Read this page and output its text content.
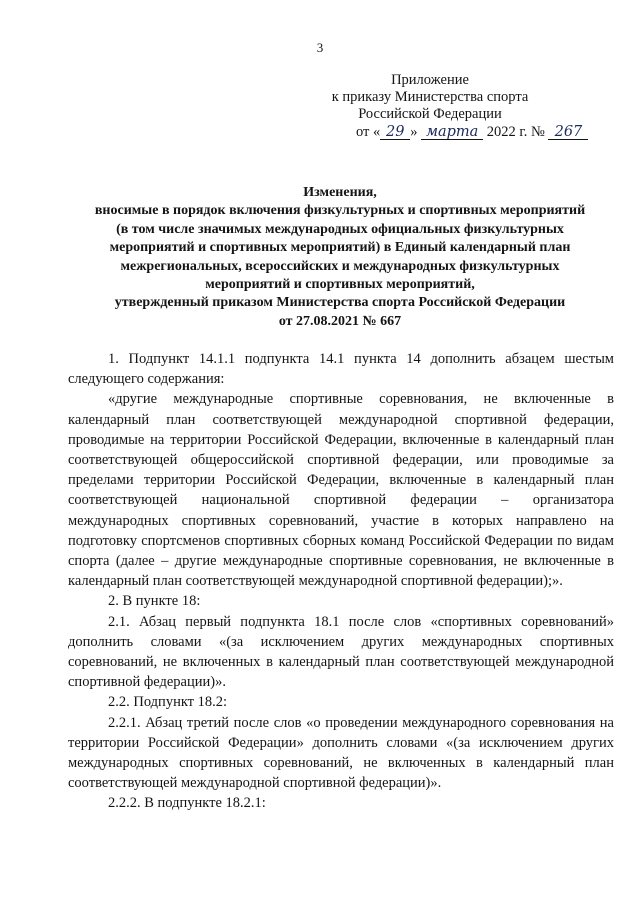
3
Приложение
к приказу Министерства спорта
Российской Федерации
от « 29 » марта 2022 г. № 267
Изменения,
вносимые в порядок включения физкультурных и спортивных мероприятий
(в том числе значимых международных официальных физкультурных
мероприятий и спортивных мероприятий) в Единый календарный план
межрегиональных, всероссийских и международных физкультурных
мероприятий и спортивных мероприятий,
утвержденный приказом Министерства спорта Российской Федерации
от 27.08.2021 № 667

1. Подпункт 14.1.1 подпункта 14.1 пункта 14 дополнить абзацем шестым следующего содержания:

«другие международные спортивные соревнования, не включенные в календарный план соответствующей международной спортивной федерации, проводимые на территории Российской Федерации, включенные в календарный план соответствующей общероссийской спортивной федерации, или проводимые за пределами территории Российской Федерации, включенные в календарный план соответствующей национальной спортивной федерации – организатора международных спортивных соревнований, участие в которых направлено на подготовку спортсменов спортивных сборных команд Российской Федерации по видам спорта (далее – другие международные спортивные соревнования, не включенные в календарный план соответствующей международной спортивной федерации);».

2. В пункте 18:

2.1. Абзац первый подпункта 18.1 после слов «спортивных соревнований» дополнить словами «(за исключением других международных спортивных соревнований, не включенных в календарный план соответствующей международной спортивной федерации)».

2.2. Подпункт 18.2:

2.2.1. Абзац третий после слов «о проведении международного соревнования на территории Российской Федерации» дополнить словами «(за исключением других международных спортивных соревнований, не включенных в календарный план соответствующей международной спортивной федерации)».

2.2.2. В подпункте 18.2.1:
